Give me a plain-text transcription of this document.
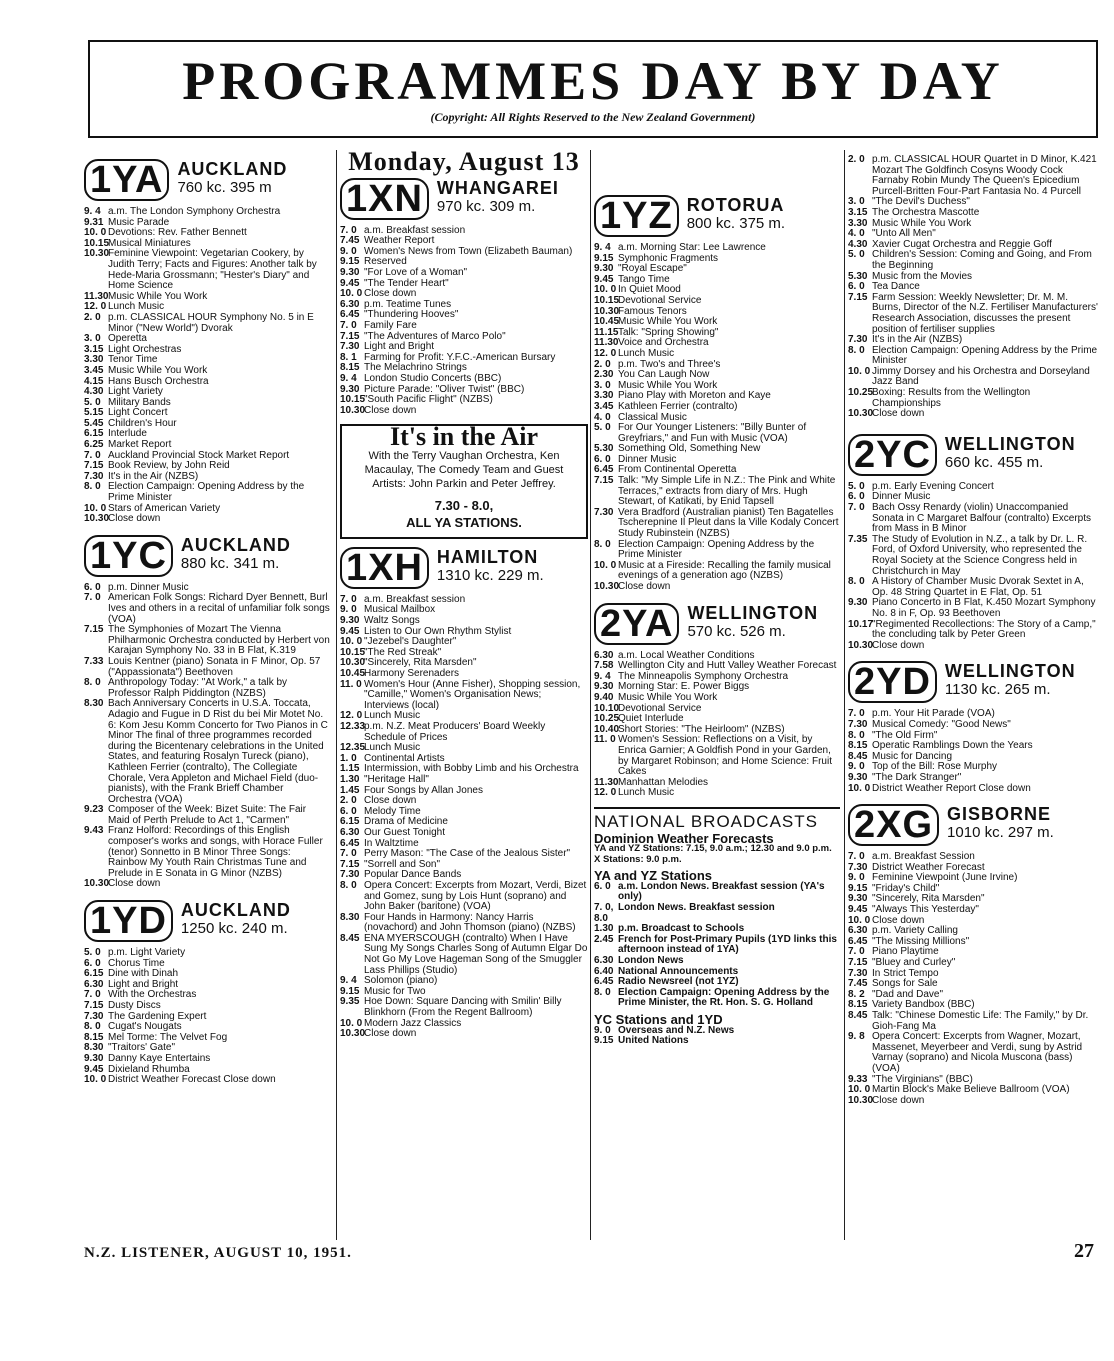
PROGRAMMES DAY BY DAY
(Copyright: All Rights Reserved to the New Zealand Government)
1YA AUCKLAND
760 kc. 395 m
9. 4 a.m. The London Symphony Orchestra
9.31 Music Parade
10. 0 Devotions: Rev. Father Bennett
10.15
Musical Miniatures
10.30
Feminine Viewpoint: Vegetarian Cookery, by Judith Terry; Facts and Figures: Another talk by Hede-Maria Grossmann; "Hester's Diary" and Home Science
11.30 Music While You Work
12. 0 Lunch Music
2. 0 p.m. CLASSICAL HOUR Symphony No. 5 in E Minor ("New World") Dvorak
3. 0 Operetta
3.15 Light Orchestras
3.30 Tenor Time
3.45 Music While You Work
4.15 Hans Busch Orchestra
4.30 Light Variety
5. 0 Military Bands
5.15 Light Concert
5.45 Children's Hour
6.15 Interlude
6.25 Market Report
7. 0 Auckland Provincial Stock Market Report
7.15 Book Review, by John Reid
7.30 It's in the Air (NZBS)
8. 0 Election Campaign: Opening Address by the Prime Minister
10. 0 Stars of American Variety
10.30
Close down
1YC AUCKLAND
880 kc. 341 m.
6. 0 p.m. Dinner Music
7. 0 American Folk Songs: Richard Dyer Bennett, Burl Ives and others in a recital of unfamiliar folk songs (VOA)
7.15 The Symphonies of Mozart The Vienna Philharmonic Orchestra conducted by Herbert von Karajan Symphony No. 33 in B Flat, K.319
7.33 Louis Kentner (piano) Sonata in F Minor, Op. 57 ("Appassionata") Beethoven
8. 0 Anthropology Today: "At Work," a talk by Professor Ralph Piddington (NZBS)
8.30 Bach Anniversary Concerts in U.S.A. Toccata, Adagio and Fugue in D Rist du bei Mir Motet No. 6: Kom Jesu Komm Concerto for Two Pianos in C Minor The final of three programmes recorded during the Bicentenary celebrations in the United States, and featuring Rosalyn Tureck (piano), Kathleen Ferrier (contralto), The Collegiate Chorale, Vera Appleton and Michael Field (duo-pianists), with the Frank Brieff Chamber Orchestra (VOA)
9.23 Composer of the Week: Bizet Suite: The Fair Maid of Perth Prelude to Act 1, "Carmen"
9.43 Franz Holford: Recordings of this English composer's works and songs, with Horace Fuller (tenor) Sonnetto in B Minor Three Songs: Rainbow My Youth Rain Christmas Tune and Prelude in E Sonata in G Minor (NZBS)
10.30
Close down
1YD AUCKLAND
1250 kc. 240 m.
5. 0 p.m. Light Variety
6. 0 Chorus Time
6.15 Dine with Dinah
6.30 Light and Bright
7. 0 With the Orchestras
7.15 Dusty Discs
7.30 The Gardening Expert
8. 0 Cugat's Nougats
8.15 Mel Torme: The Velvet Fog
8.30 "Traitors' Gate"
9.30 Danny Kaye Entertains
9.45 Dixieland Rhumba
10. 0 District Weather Forecast Close down
Monday, August 13
1XN WHANGAREI
970 kc. 309 m.
7. 0 a.m. Breakfast session
7.45 Weather Report
9. 0 Women's News from Town (Elizabeth Bauman)
9.15 Reserved
9.30 "For Love of a Woman"
9.45 "The Tender Heart"
10. 0 Close down
6.30 p.m. Teatime Tunes
6.45 "Thundering Hooves"
7. 0 Family Fare
7.15 "The Adventures of Marco Polo"
7.30 Light and Bright
8. 1 Farming for Profit: Y.F.C.-American Bursary
8.15 The Melachrino Strings
9. 4 London Studio Concerts (BBC)
9.30 Picture Parade: "Oliver Twist" (BBC)
10.15
"South Pacific Flight" (NZBS)
10.30
Close down
It's in the Air
With the Terry Vaughan Orchestra, Ken Macaulay, The Comedy Team and Guest Artists: John Parkin and Peter Jeffrey.
7.30 - 8.0,
ALL YA STATIONS.
1XH HAMILTON
1310 kc. 229 m.
7. 0 a.m. Breakfast session
9. 0 Musical Mailbox
9.30 Waltz Songs
9.45 Listen to Our Own Rhythm Stylist
10. 0 "Jezebel's Daughter"
10.15
"The Red Streak"
10.30
"Sincerely, Rita Marsden"
10.45
Harmony Serenaders
11. 0 Women's Hour (Anne Fisher), Shopping session, "Camille," Women's Organisation News; Interviews (local)
12. 0 Lunch Music
12.33
p.m. N.Z. Meat Producers' Board Weekly Schedule of Prices
12.35
Lunch Music
1. 0 Continental Artists
1.15 Intermission, with Bobby Limb and his Orchestra
1.30 "Heritage Hall"
1.45 Four Songs by Allan Jones
2. 0 Close down
6. 0 Melody Time
6.15 Drama of Medicine
6.30 Our Guest Tonight
6.45 In Waltztime
7. 0 Perry Mason: "The Case of the Jealous Sister"
7.15 "Sorrell and Son"
7.30 Popular Dance Bands
8. 0 Opera Concert: Excerpts from Mozart, Verdi, Bizet and Gomez, sung by Lois Hunt (soprano) and John Baker (baritone) (VOA)
8.30 Four Hands in Harmony: Nancy Harris (novachord) and John Thomson (piano) (NZBS)
8.45 ENA MYERSCOUGH (contralto) When I Have Sung My Songs Charles Song of Autumn Elgar Do Not Go My Love Hageman Song of the Smuggler Lass Phillips (Studio)
9. 4 Solomon (piano)
9.15 Music for Two
9.35 Hoe Down: Square Dancing with Smilin' Billy Blinkhorn (From the Regent Ballroom)
10. 0 Modern Jazz Classics
10.30
Close down
1YZ ROTORUA
800 kc. 375 m.
9. 4 a.m. Morning Star: Lee Lawrence
9.15 Symphonic Fragments
9.30 "Royal Escape"
9.45 Tango Time
10. 0 In Quiet Mood
10.15
Devotional Service
10.30
Famous Tenors
10.45
Music While You Work
11.15 Talk: "Spring Showing"
11.30 Voice and Orchestra
12. 0 Lunch Music
2. 0 p.m. Two's and Three's
2.30 You Can Laugh Now
3. 0 Music While You Work
3.30 Piano Play with Moreton and Kaye
3.45 Kathleen Ferrier (contralto)
4. 0 Classical Music
5. 0 For Our Younger Listeners: "Billy Bunter of Greyfriars," and Fun with Music (VOA)
5.30 Something Old, Something New
6. 0 Dinner Music
6.45 From Continental Operetta
7.15 Talk: "My Simple Life in N.Z.: The Pink and White Terraces," extracts from diary of Mrs. Hugh Stewart, of Katikati, by Enid Tapsell
7.30 Vera Bradford (Australian pianist) Ten Bagatelles Tscherepnine Il Pleut dans la Ville Kodaly Concert Study Rubinstein (NZBS)
8. 0 Election Campaign: Opening Address by the Prime Minister
10. 0 Music at a Fireside: Recalling the family musical evenings of a generation ago (NZBS)
10.30
Close down
2YA WELLINGTON
570 kc. 526 m.
6.30 a.m. Local Weather Conditions
7.58 Wellington City and Hutt Valley Weather Forecast
9. 4 The Minneapolis Symphony Orchestra
9.30 Morning Star: E. Power Biggs
9.40 Music While You Work
10.10
Devotional Service
10.25
Quiet Interlude
10.40
Short Stories: "The Heirloom" (NZBS)
11. 0 Women's Session: Reflections on a Visit, by Enrica Garnier; A Goldfish Pond in your Garden, by Margaret Robinson; and Home Science: Fruit Cakes
11.30 Manhattan Melodies
12. 0 Lunch Music
NATIONAL BROADCASTS
Dominion Weather Forecasts
YA and YZ Stations: 7.15, 9.0 a.m.; 12.30 and 9.0 p.m.
X Stations: 9.0 p.m.
YA and YZ Stations
6. 0 a.m. London News. Breakfast session (YA's only)
7. 0, 8.0
London News. Breakfast session
1.30 p.m. Broadcast to Schools
2.45 French for Post-Primary Pupils (1YD links this afternoon instead of 1YA)
6.30 London News
6.40 National Announcements
6.45 Radio Newsreel (not 1YZ)
8. 0 Election Campaign: Opening Address by the Prime Minister, the Rt. Hon. S. G. Holland
YC Stations and 1YD
9. 0 Overseas and N.Z. News
9.15 United Nations
2. 0 p.m. CLASSICAL HOUR Quartet in D Minor, K.421 Mozart The Goldfinch Cosyns Woody Cock Farnaby Robin Mundy The Queen's Epicedium Purcell-Britten Four-Part Fantasia No. 4 Purcell
3. 0 "The Devil's Duchess"
3.15 The Orchestra Mascotte
3.30 Music While You Work
4. 0 "Unto All Men"
4.30 Xavier Cugat Orchestra and Reggie Goff
5. 0 Children's Session: Coming and Going, and From the Beginning
5.30 Music from the Movies
6. 0 Tea Dance
7.15 Farm Session: Weekly Newsletter; Dr. M. M. Burns, Director of the N.Z. Fertiliser Manufacturers' Research Association, discusses the present position of fertiliser supplies
7.30 It's in the Air (NZBS)
8. 0 Election Campaign: Opening Address by the Prime Minister
10. 0 Jimmy Dorsey and his Orchestra and Dorseyland Jazz Band
10.25
Boxing: Results from the Wellington Championships
10.30
Close down
2YC WELLINGTON
660 kc. 455 m.
5. 0 p.m. Early Evening Concert
6. 0 Dinner Music
7. 0 Bach Ossy Renardy (violin) Unaccompanied Sonata in C Margaret Balfour (contralto) Excerpts from Mass in B Minor
7.35 The Study of Evolution in N.Z., a talk by Dr. L. R. Ford, of Oxford University, who represented the Royal Society at the Science Congress held in Christchurch in May
8. 0 A History of Chamber Music Dvorak Sextet in A, Op. 48 String Quartet in E Flat, Op. 51
9.30 Piano Concerto in B Flat, K.450 Mozart Symphony No. 8 in F, Op. 93 Beethoven
10.17
"Regimented Recollections: The Story of a Camp," the concluding talk by Peter Green
10.30
Close down
2YD WELLINGTON
1130 kc. 265 m.
7. 0 p.m. Your Hit Parade (VOA)
7.30 Musical Comedy: "Good News"
8. 0 "The Old Firm"
8.15 Operatic Ramblings Down the Years
8.45 Music for Dancing
9. 0 Top of the Bill: Rose Murphy
9.30 "The Dark Stranger"
10. 0 District Weather Report Close down
2XG GISBORNE
1010 kc. 297 m.
7. 0 a.m. Breakfast Session
7.30 District Weather Forecast
9. 0 Feminine Viewpoint (June Irvine)
9.15 "Friday's Child"
9.30 "Sincerely, Rita Marsden"
9.45 "Always This Yesterday"
10. 0 Close down
6.30 p.m. Variety Calling
6.45 "The Missing Millions"
7. 0 Piano Playtime
7.15 "Bluey and Curley"
7.30 In Strict Tempo
7.45 Songs for Sale
8. 2 "Dad and Dave"
8.15 Variety Bandbox (BBC)
8.45 Talk: "Chinese Domestic Life: The Family," by Dr. Gioh-Fang Ma
9. 8 Opera Concert: Excerpts from Wagner, Mozart, Massenet, Meyerbeer and Verdi, sung by Astrid Varnay (soprano) and Nicola Muscona (bass) (VOA)
9.33 "The Virginians" (BBC)
10. 0 Martin Block's Make Believe Ballroom (VOA)
10.30
Close down
N.Z. LISTENER, AUGUST 10, 1951.	27
